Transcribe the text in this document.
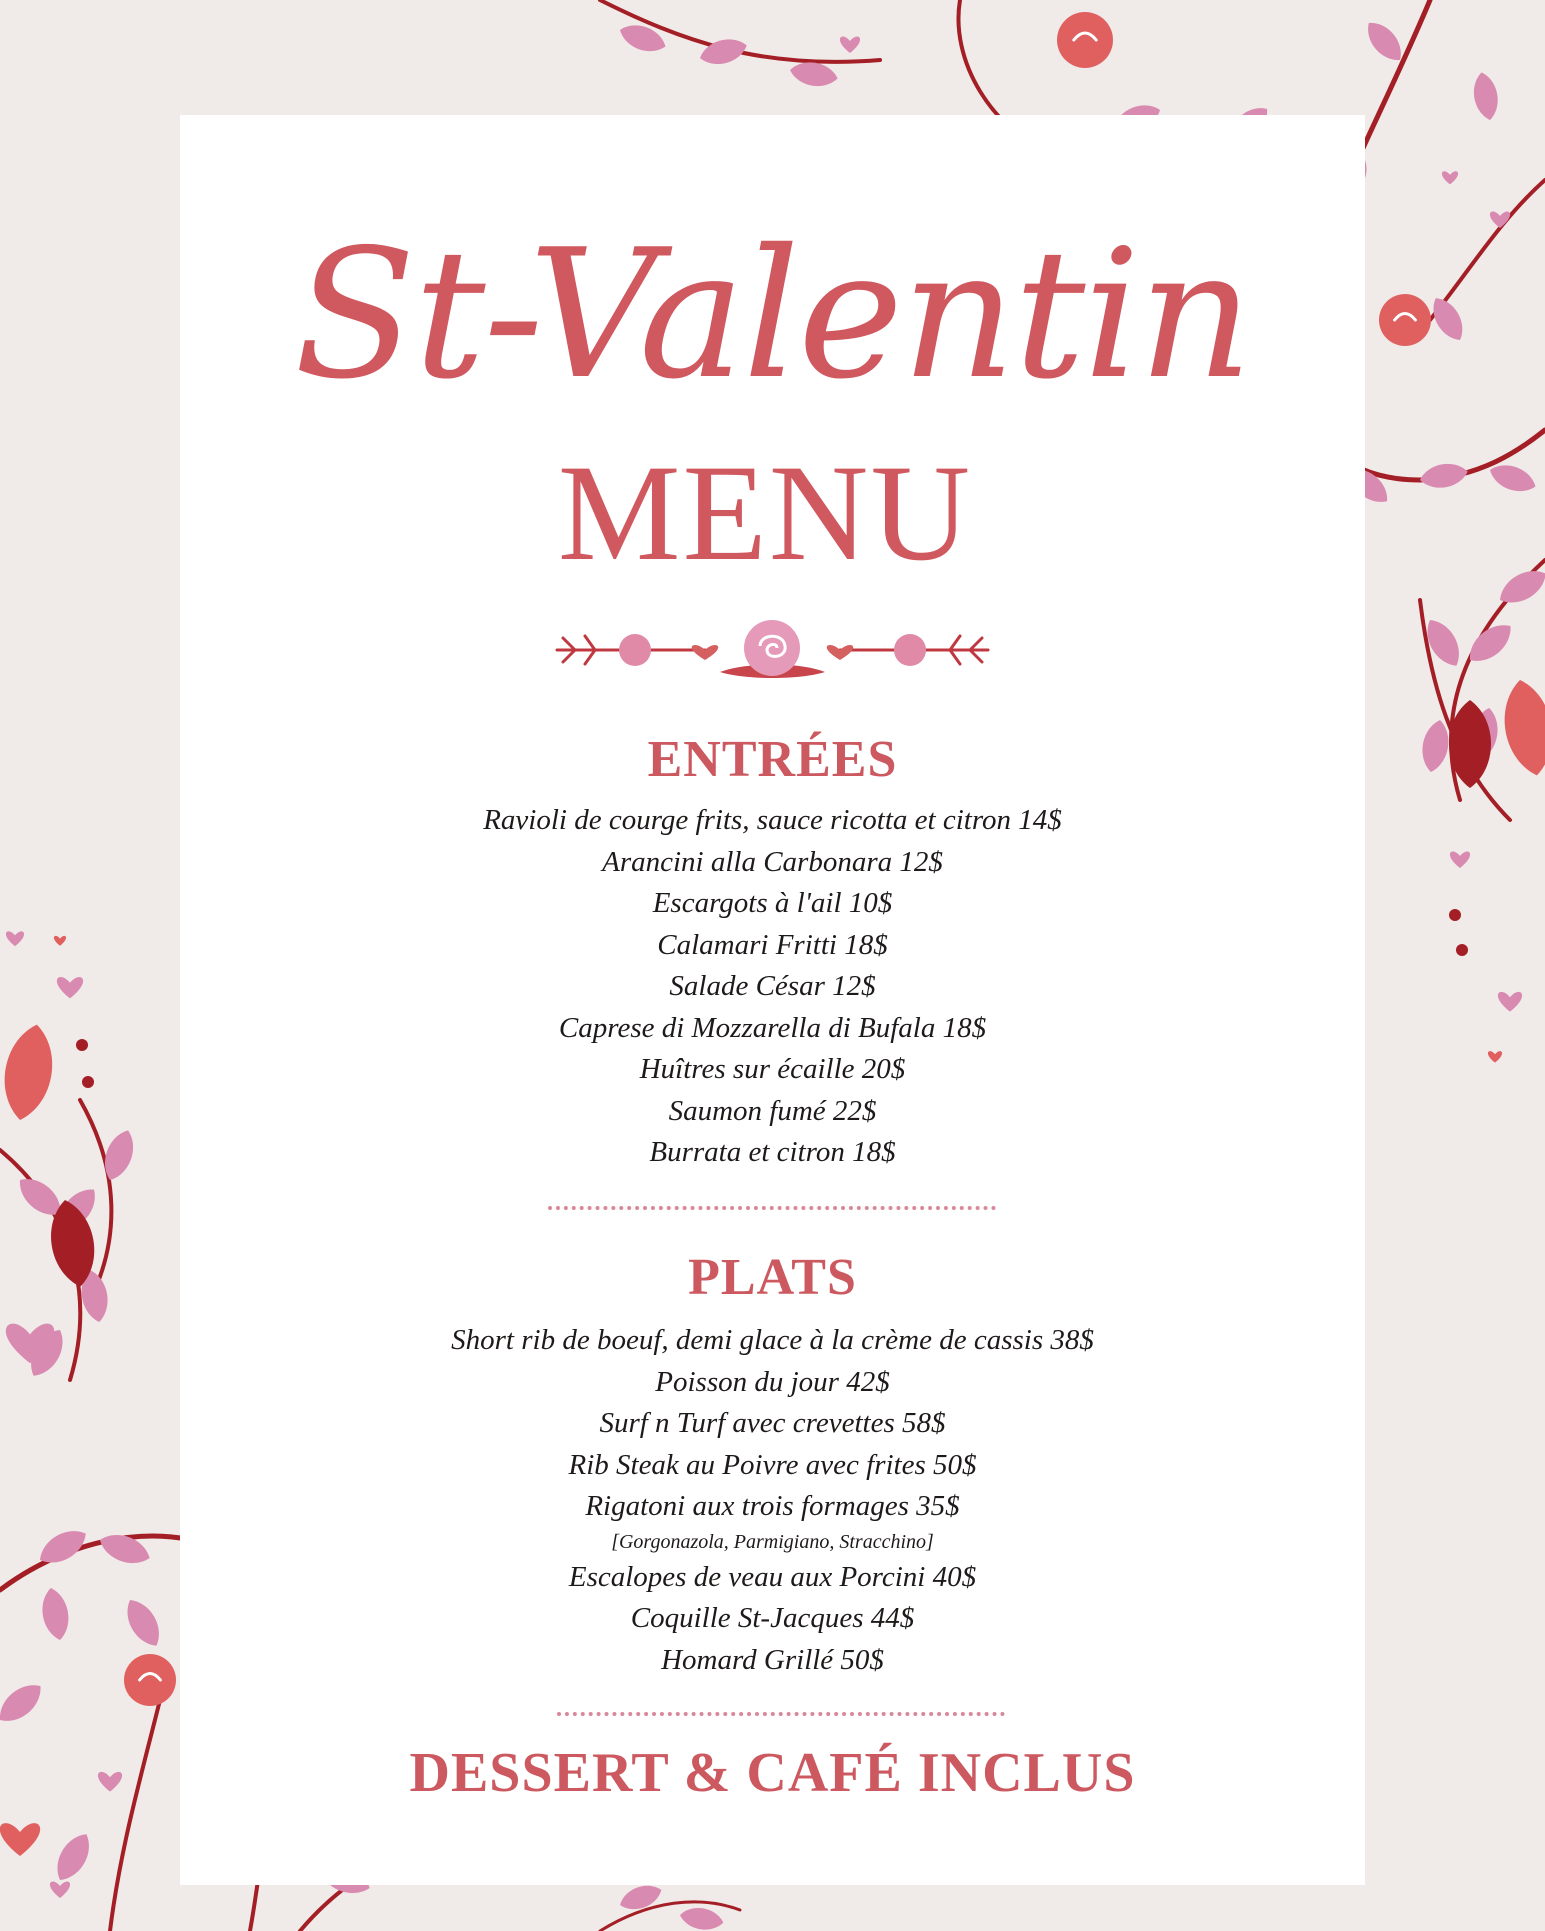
St-Valentin
MENU
ENTRÉES
Ravioli de courge frits, sauce ricotta et citron 14$
Arancini alla Carbonara 12$
Escargots à l'ail 10$
Calamari Fritti 18$
Salade César 12$
Caprese di Mozzarella di Bufala 18$
Huîtres sur écaille 20$
Saumon fumé 22$
Burrata et citron 18$
PLATS
Short rib de boeuf, demi glace à la crème de cassis 38$
Poisson du jour 42$
Surf n Turf avec crevettes 58$
Rib Steak au Poivre avec frites 50$
Rigatoni aux trois formages 35$
[Gorgonazola, Parmigiano, Stracchino]
Escalopes de veau aux Porcini 40$
Coquille St-Jacques 44$
Homard Grillé 50$
DESSERT & CAFÉ INCLUS
